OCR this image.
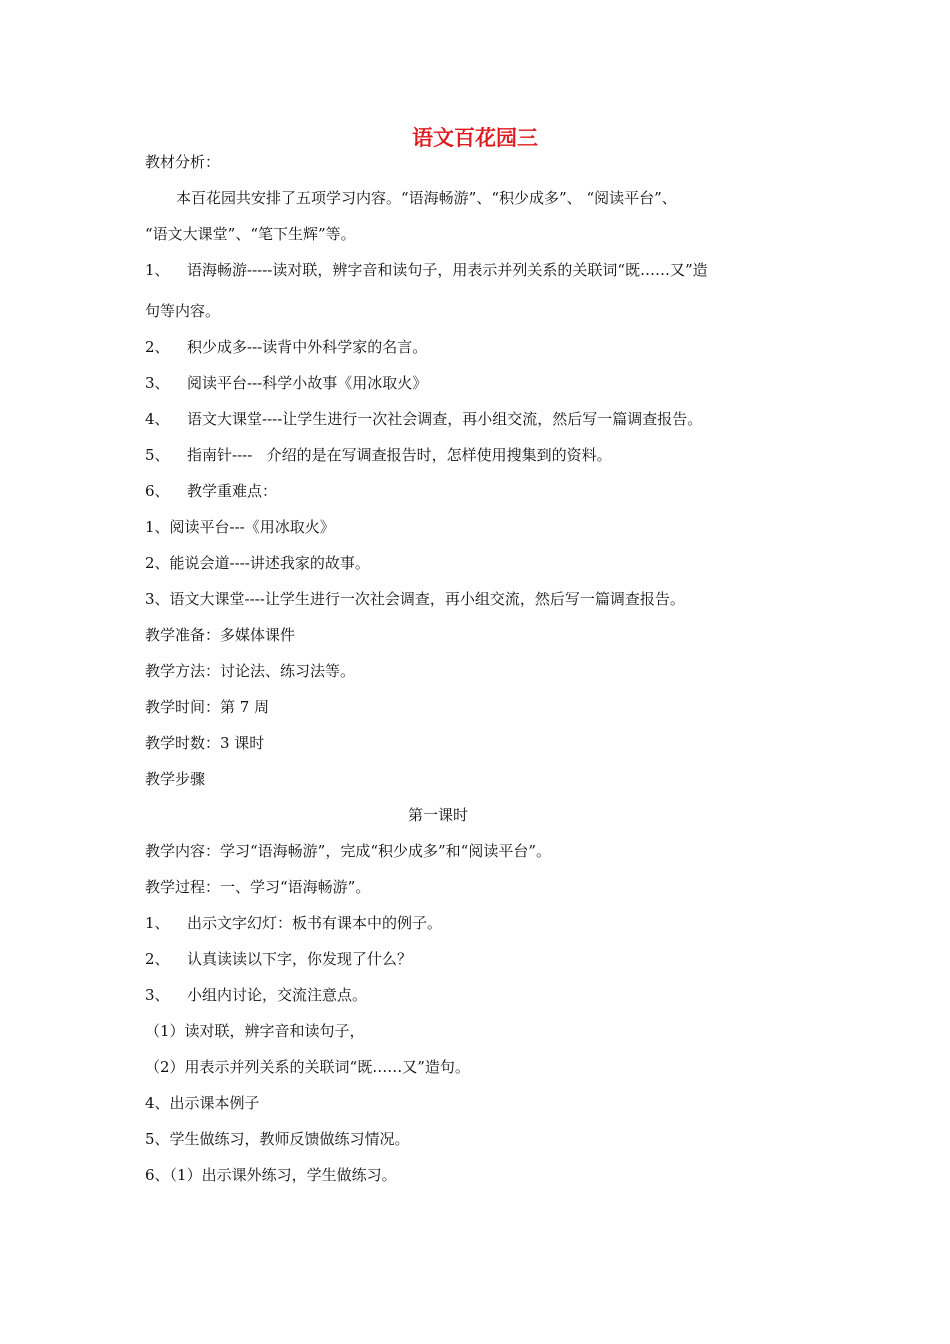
语文百花园三

教材分析：

本百花园共安排了五项学习内容。“语海畅游”、“积少成多”、 “阅读平台”、

“语文大课堂”、“笔下生辉”等。

1、 语海畅游-----读对联，辨字音和读句子，用表示并列关系的关联词“既……又”造

句等内容。

2、 积少成多---读背中外科学家的名言。

3、 阅读平台---科学小故事《用冰取火》

4、 语文大课堂----让学生进行一次社会调查，再小组交流，然后写一篇调查报告。

5、 指南针----   介绍的是在写调查报告时，怎样使用搜集到的资料。

6、 教学重难点：

1、阅读平台---《用冰取火》

2、能说会道----讲述我家的故事。

3、语文大课堂----让学生进行一次社会调查，再小组交流，然后写一篇调查报告。

教学准备：多媒体课件

教学方法：讨论法、练习法等。

教学时间：第 7 周

教学时数：3 课时

教学步骤

第一课时

教学内容：学习“语海畅游”，完成“积少成多”和“阅读平台”。

教学过程：一、学习“语海畅游”。

1、 出示文字幻灯：板书有课本中的例子。

2、 认真读读以下字，你发现了什么？

3、 小组内讨论，交流注意点。

（1）读对联，辨字音和读句子，

（2）用表示并列关系的关联词“既……又”造句。

4、出示课本例子

5、学生做练习，教师反馈做练习情况。

6、（1）出示课外练习，学生做练习。
